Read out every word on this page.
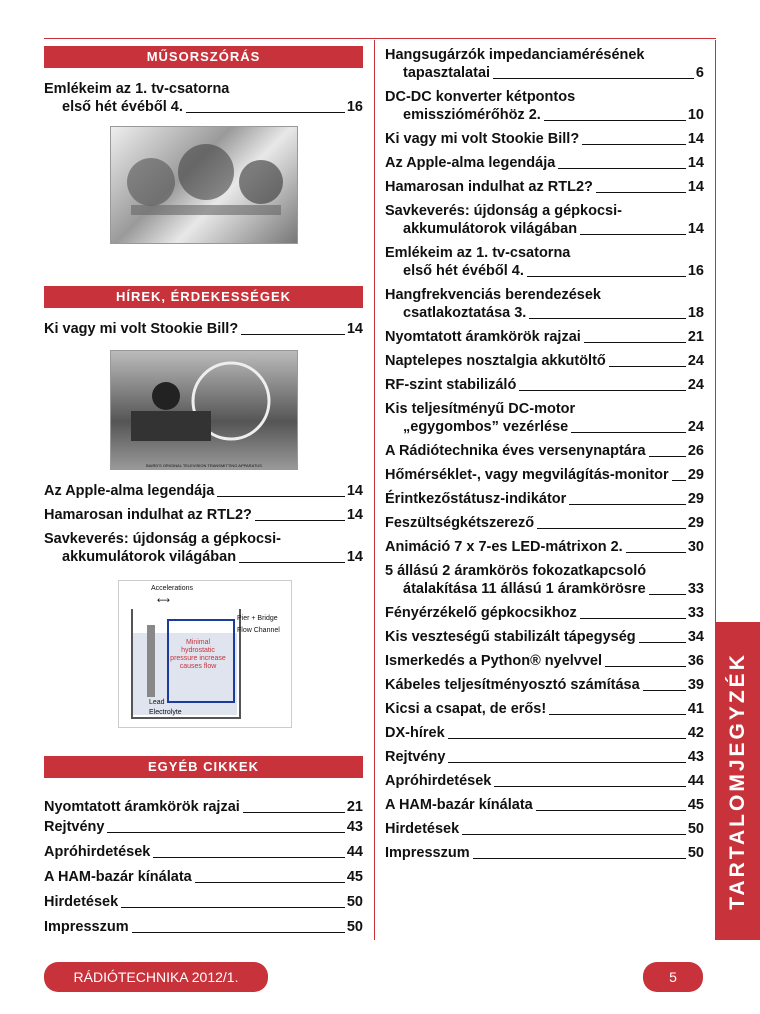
MŰSORSZÓRÁS
Emlékeim az 1. tv-csatorna
első hét évéből 4.	16
HÍREK, ÉRDEKESSÉGEK
Ki vagy mi volt Stookie Bill?	14
BAIRD'S ORIGINAL TELEVISION TRANSMITTING APPARATUS
Az Apple-alma legendája	14
Hamarosan indulhat az RTL2?	14
Savkeverés: újdonság a gépkocsi-
akkumulátorok világában	14
Accelerations
⟷
Minimal hydrostatic pressure increase causes flow
Pier + Bridge
Flow Channel
Lead
Electrolyte
EGYÉB CIKKEK
Nyomtatott áramkörök rajzai	21
Rejtvény	43
Apróhirdetések	44
A HAM-bazár kínálata	45
Hirdetések	50
Impresszum	50
Hangsugárzók impedanciamérésének
tapasztalatai	6
DC-DC konverter kétpontos
emissziómérőhöz 2.	10
Ki vagy mi volt Stookie Bill?	14
Az Apple-alma legendája	14
Hamarosan indulhat az RTL2?	14
Savkeverés: újdonság a gépkocsi-
akkumulátorok világában	14
Emlékeim az 1. tv-csatorna
első hét évéből 4.	16
Hangfrekvenciás berendezések
csatlakoztatása 3.	18
Nyomtatott áramkörök rajzai	21
Naptelepes nosztalgia akkutöltő	24
RF-szint stabilizáló	24
Kis teljesítményű DC-motor
„egygombos” vezérlése	24
A Rádiótechnika éves versenynaptára	26
Hőmérséklet-, vagy megvilágítás-monitor 29
Érintkezőstátusz-indikátor	29
Feszültségkétszerező	29
Animáció 7 x 7-es LED-mátrixon 2.	30
5 állású 2 áramkörös fokozatkapcsoló
átalakítása 11 állású 1 áramkörösre	33
Fényérzékelő gépkocsikhoz	33
Kis veszteségű stabilizált tápegység	34
Ismerkedés a Python® nyelvvel	36
Kábeles teljesítményosztó számítása	39
Kicsi a csapat, de erős!	41
DX-hírek	42
Rejtvény	43
Apróhirdetések	44
A HAM-bazár kínálata	45
Hirdetések	50
Impresszum	50 TARTALOMJEGYZÉK
RÁDIÓTECHNIKA 2012/1.	5
